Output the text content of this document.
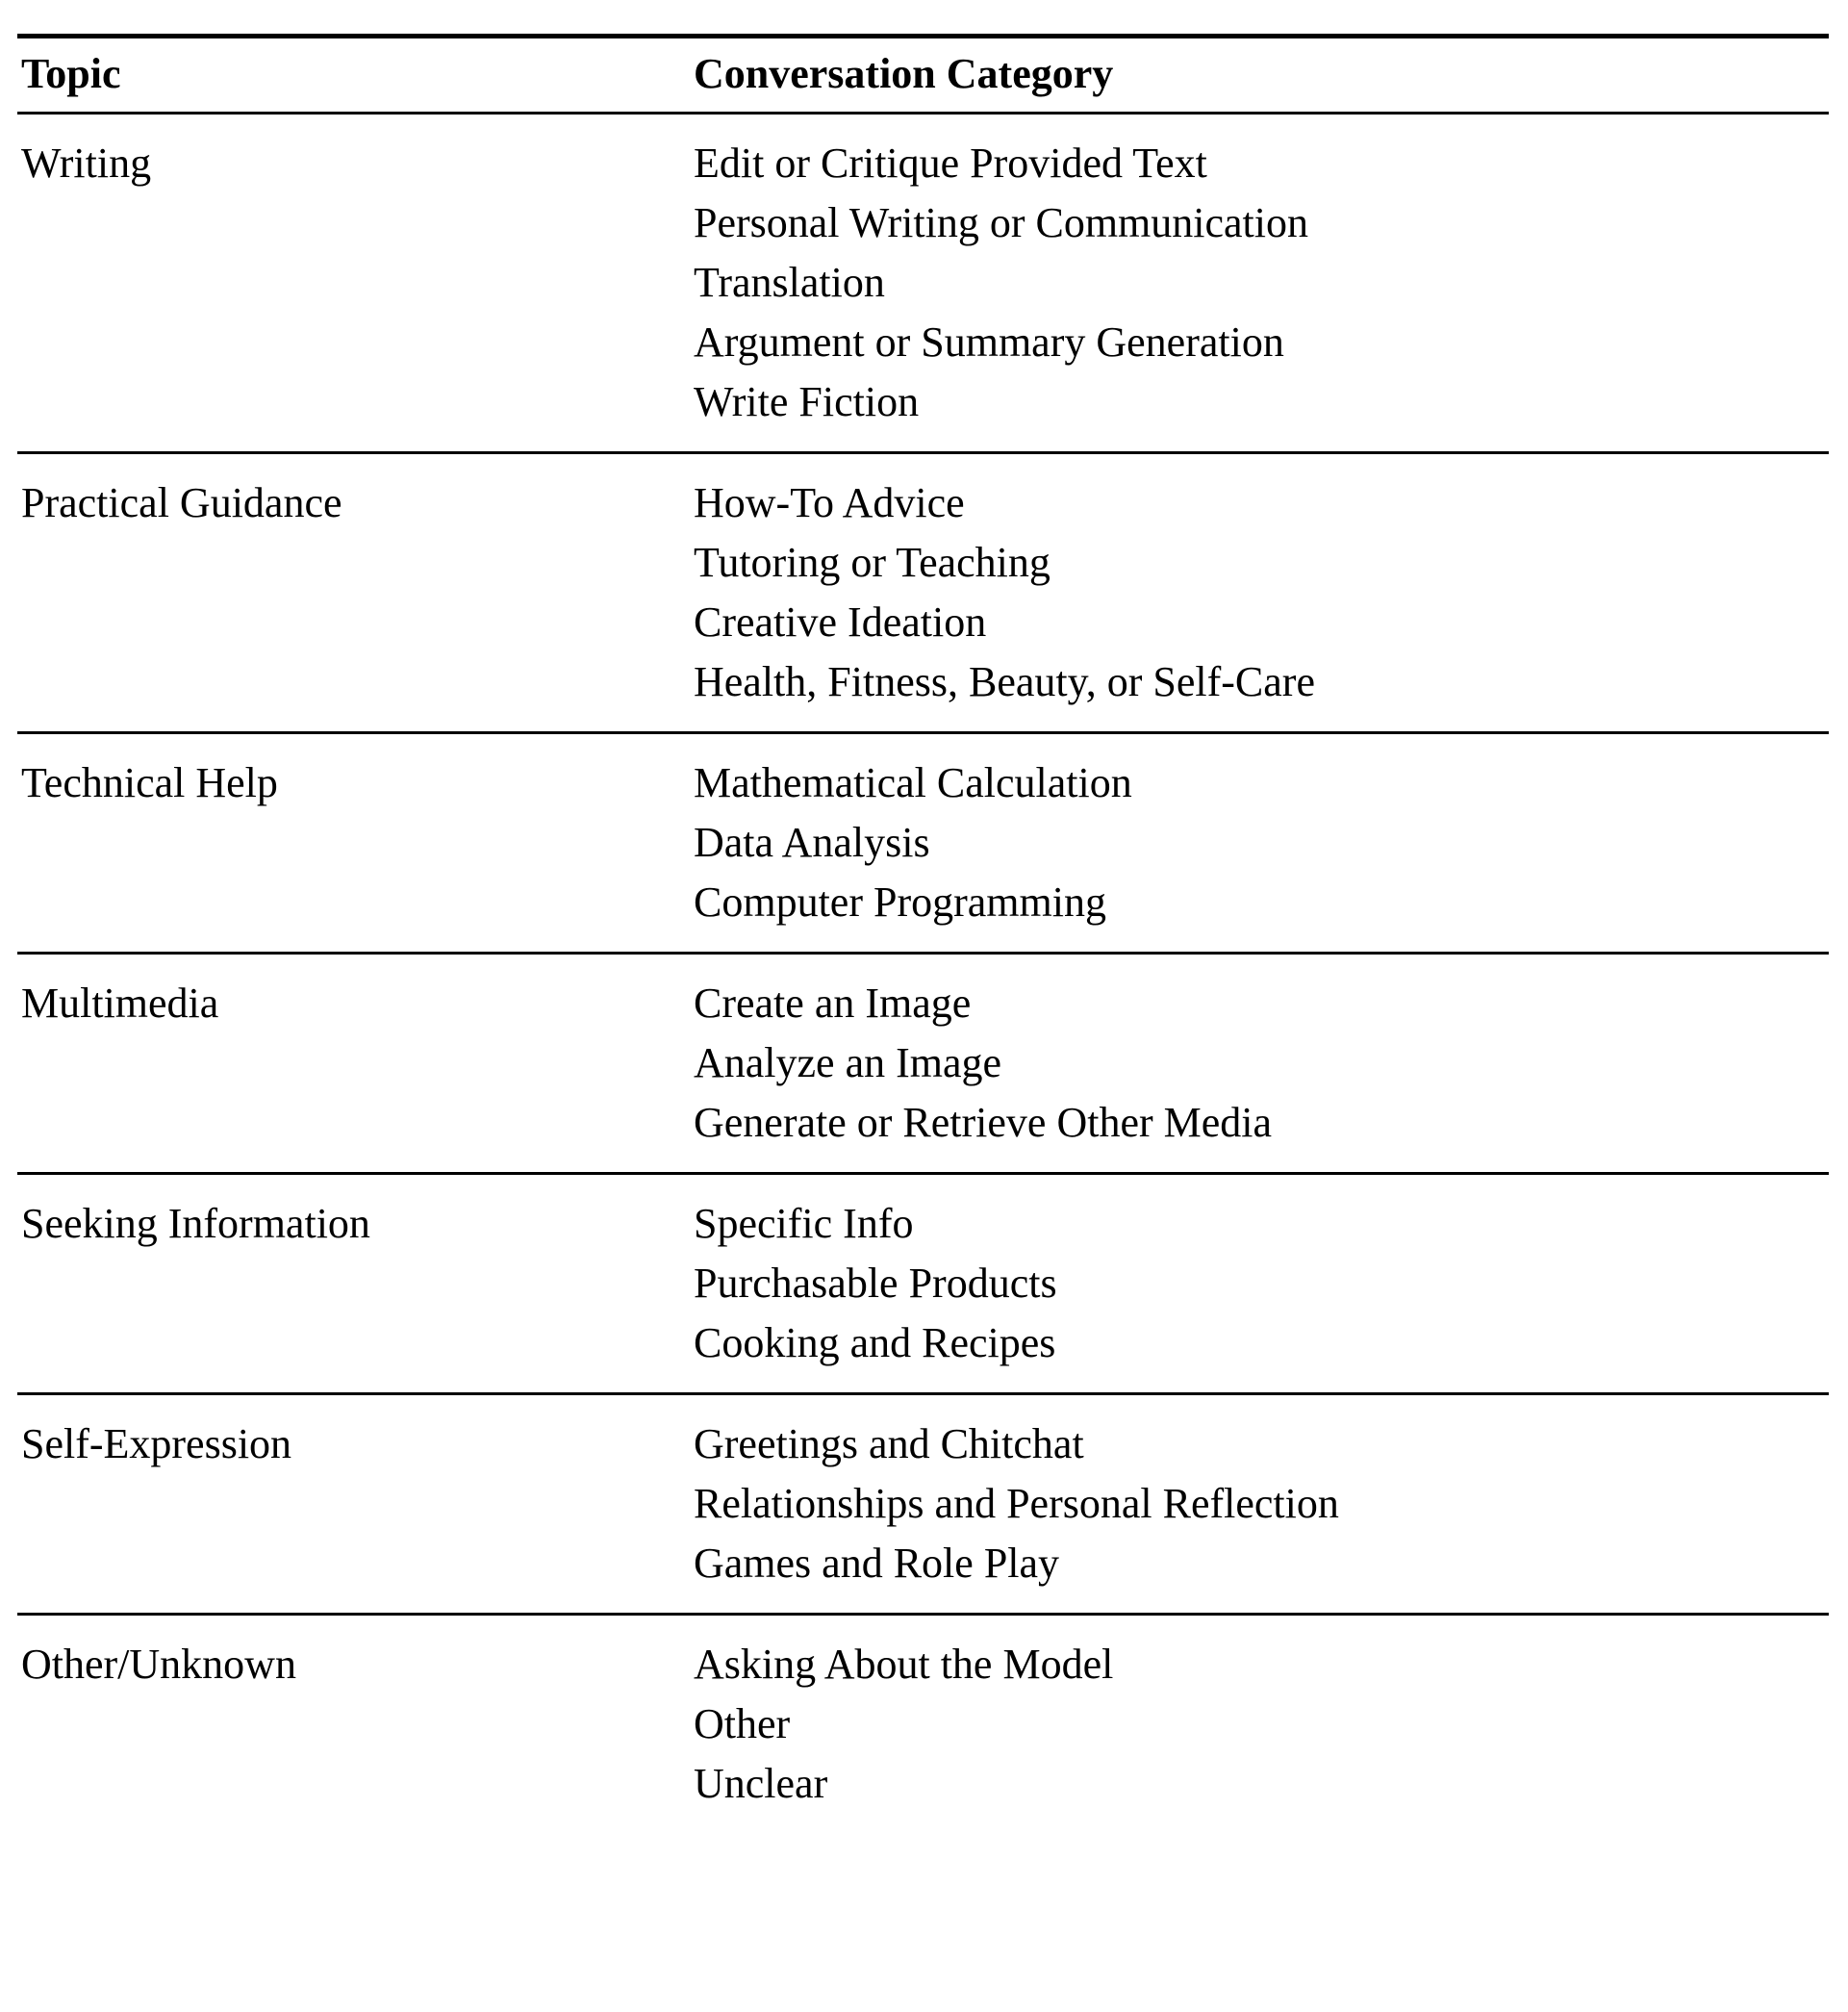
Topic	Conversation Category
Writing	Edit or Critique Provided Text
Personal Writing or Communication
Translation
Argument or Summary Generation
Write Fiction
Practical Guidance	How-To Advice
Tutoring or Teaching
Creative Ideation
Health, Fitness, Beauty, or Self-Care
Technical Help	Mathematical Calculation
Data Analysis
Computer Programming
Multimedia	Create an Image
Analyze an Image
Generate or Retrieve Other Media
Seeking Information	Specific Info
Purchasable Products
Cooking and Recipes
Self-Expression	Greetings and Chitchat
Relationships and Personal Reflection
Games and Role Play
Other/Unknown	Asking About the Model
Other
Unclear
